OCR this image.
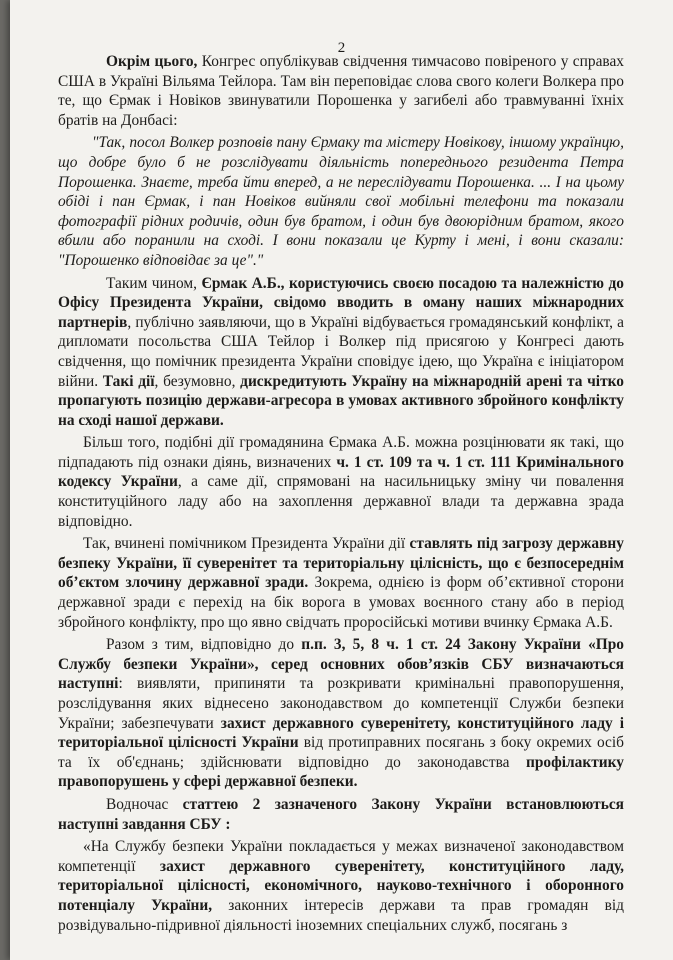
2

Окрім цього, Конгрес опублікував свідчення тимчасово повіреного у справах США в Україні Вільяма Тейлора. Там він переповідає слова свого колеги Волкера про те, що Єрмак і Новіков звинуватили Порошенка у загибелі або травмуванні їхніх братів на Донбасі:

"Так, посол Волкер розповів пану Єрмаку та містеру Новікову, іншому українцю, що добре було б не розслідувати діяльність попереднього резидента Петра Порошенка. Знаєте, треба йти вперед, а не переслідувати Порошенка. ... І на цьому обіді і пан Єрмак, і пан Новіков вийняли свої мобільні телефони та показали фотографії рідних родичів, один був братом, і один був двоюрідним братом, якого вбили або поранили на сході. І вони показали це Курту і мені, і вони сказали: "Порошенко відповідає за це"."

Таким чином, Єрмак А.Б., користуючись своєю посадою та належністю до Офісу Президента України, свідомо вводить в оману наших міжнародних партнерів, публічно заявляючи, що в Україні відбувається громадянський конфлікт, а дипломати посольства США Тейлор і Волкер під присягою у Конгресі дають свідчення, що помічник президента України сповідує ідею, що Україна є ініціатором війни. Такі дії, безумовно, дискредитують Україну на міжнародній арені та чітко пропагують позицію держави-агресора в умовах активного збройного конфлікту на сході нашої держави.

Більш того, подібні дії громадянина Єрмака А.Б. можна розцінювати як такі, що підпадають під ознаки діянь, визначених ч. 1 ст. 109 та ч. 1 ст. 111 Кримінального кодексу України, а саме дії, спрямовані на насильницьку зміну чи повалення конституційного ладу або на захоплення державної влади та державна зрада відповідно.

Так, вчинені помічником Президента України дії ставлять під загрозу державну безпеку України, її суверенітет та територіальну цілісність, що є безпосереднім об’єктом злочину державної зради. Зокрема, однією із форм об’єктивної сторони державної зради є перехід на бік ворога в умовах воєнного стану або в період збройного конфлікту, про що явно свідчать проросійські мотиви вчинку Єрмака А.Б.

Разом з тим, відповідно до п.п. 3, 5, 8 ч. 1 ст. 24 Закону України «Про Службу безпеки України», серед основних обов’язків СБУ визначаються наступні: виявляти, припиняти та розкривати кримінальні правопорушення, розслідування яких віднесено законодавством до компетенції Служби безпеки України; забезпечувати захист державного суверенітету, конституційного ладу і територіальної цілісності України від протиправних посягань з боку окремих осіб та їх об'єднань; здійснювати відповідно до законодавства профілактику правопорушень у сфері державної безпеки.

Водночас статтею 2 зазначеного Закону України встановлюються наступні завдання СБУ :

«На Службу безпеки України покладається у межах визначеної законодавством компетенції захист державного суверенітету, конституційного ладу, територіальної цілісності, економічного, науково-технічного і оборонного потенціалу України, законних інтересів держави та прав громадян від розвідувально-підривної діяльності іноземних спеціальних служб, посягань з
